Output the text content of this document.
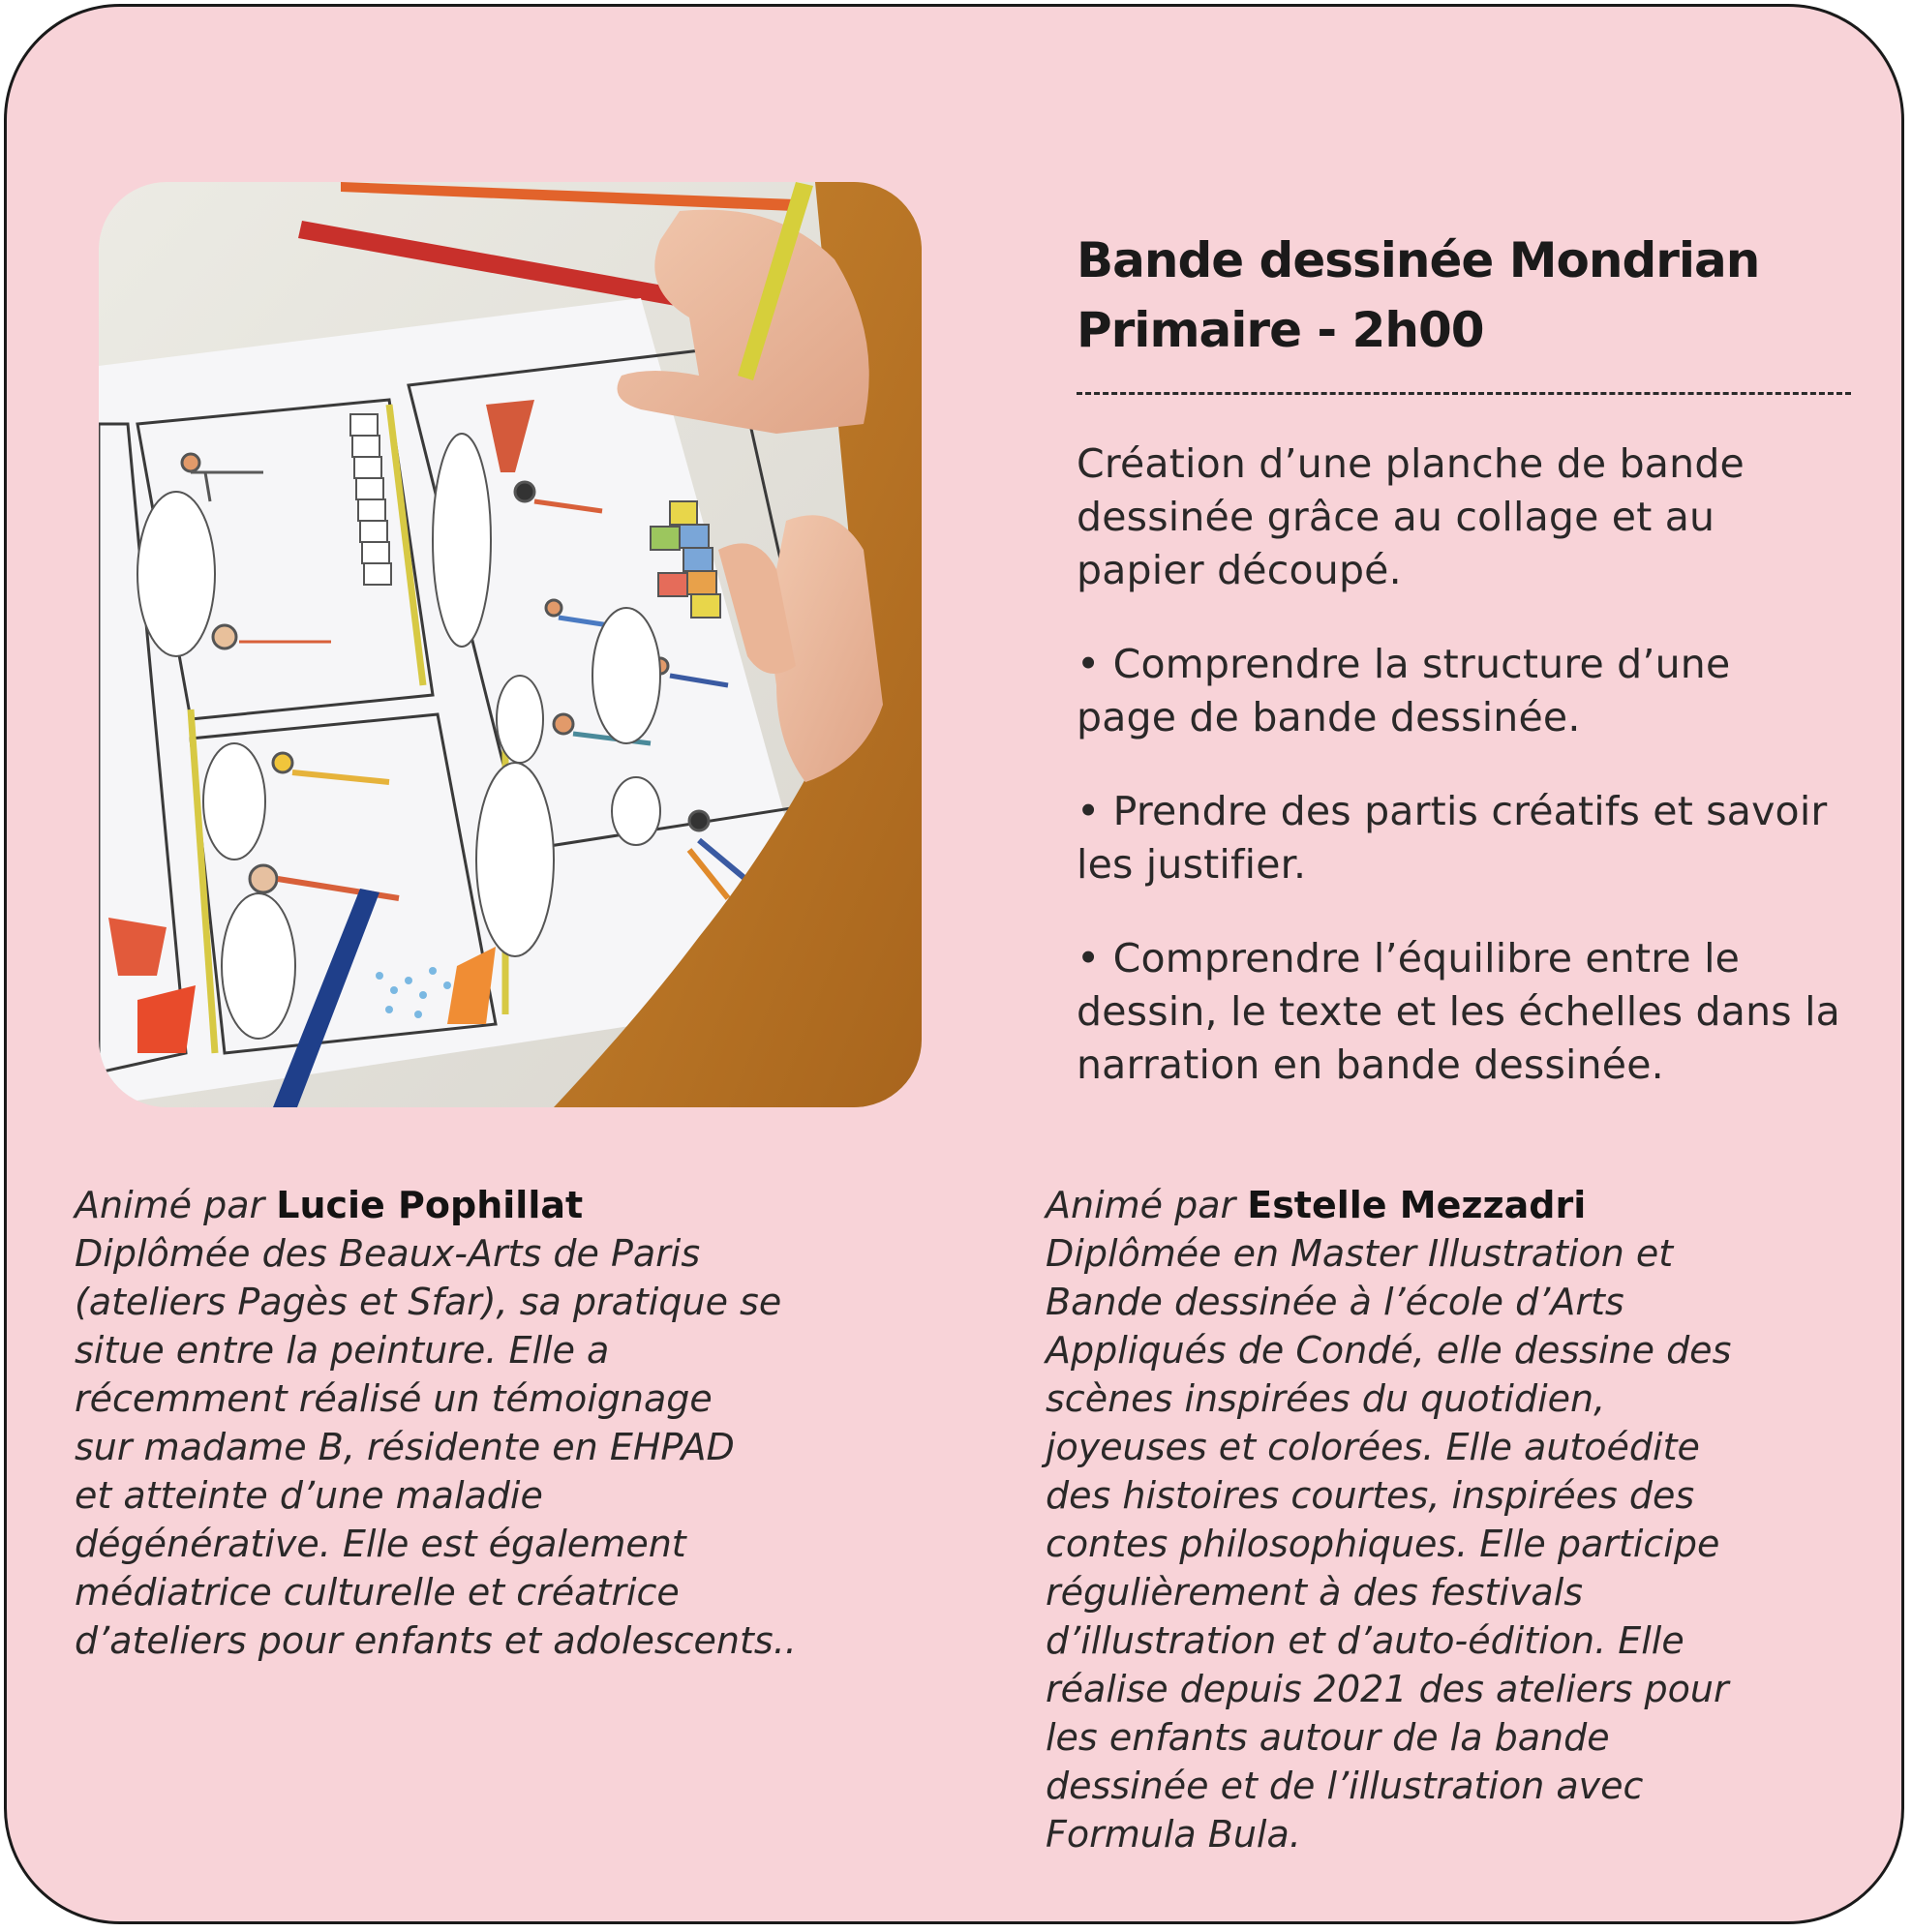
Bande dessinée Mondrian
Primaire - 2h00
Création d’une planche de bande
dessinée grâce au collage et au
papier découpé.
• Comprendre la structure d’une
page de bande dessinée.
• Prendre des partis créatifs et savoir
les justifier.
• Comprendre l’équilibre entre le
dessin, le texte et les échelles dans la
narration en bande dessinée.
Animé par Lucie Pophillat
Diplômée des Beaux-Arts de Paris
(ateliers Pagès et Sfar), sa pratique se
situe entre la peinture. Elle a
récemment réalisé un témoignage
sur madame B, résidente en EHPAD
et atteinte d’une maladie
dégénérative. Elle est également
médiatrice culturelle et créatrice
d’ateliers pour enfants et adolescents..
Animé par Estelle Mezzadri
Diplômée en Master Illustration et
Bande dessinée à l’école d’Arts
Appliqués de Condé, elle dessine des
scènes inspirées du quotidien,
joyeuses et colorées. Elle autoédite
des histoires courtes, inspirées des
contes philosophiques. Elle participe
régulièrement à des festivals
d’illustration et d’auto-édition. Elle
réalise depuis 2021 des ateliers pour
les enfants autour de la bande
dessinée et de l’illustration avec
Formula Bula.
